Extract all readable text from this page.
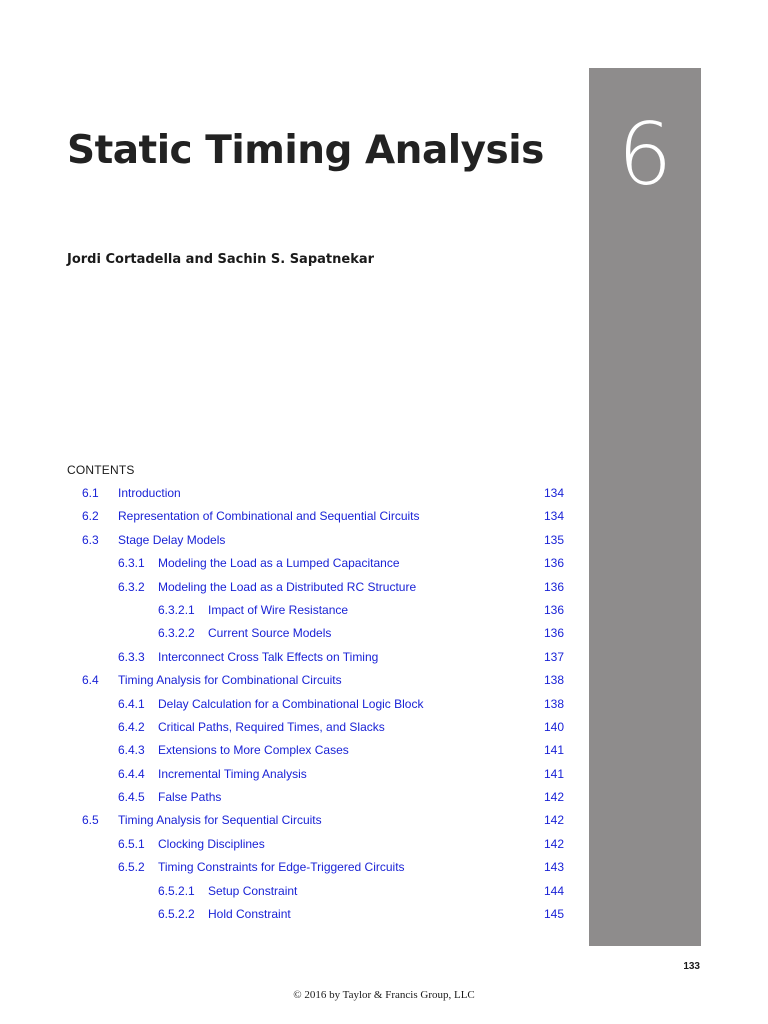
6
Static Timing Analysis
Jordi Cortadella and Sachin S. Sapatnekar
CONTENTS
6.1 Introduction	134
6.2 Representation of Combinational and Sequential Circuits	134
6.3 Stage Delay Models	135
6.3.1 Modeling the Load as a Lumped Capacitance	136
6.3.2 Modeling the Load as a Distributed RC Structure	136
6.3.2.1 Impact of Wire Resistance	136
6.3.2.2 Current Source Models	136
6.3.3 Interconnect Cross Talk Effects on Timing	137
6.4 Timing Analysis for Combinational Circuits	138
6.4.1 Delay Calculation for a Combinational Logic Block	138
6.4.2 Critical Paths, Required Times, and Slacks	140
6.4.3 Extensions to More Complex Cases	141
6.4.4 Incremental Timing Analysis	141
6.4.5 False Paths	142
6.5 Timing Analysis for Sequential Circuits	142
6.5.1 Clocking Disciplines	142
6.5.2 Timing Constraints for Edge-Triggered Circuits	143
6.5.2.1 Setup Constraint	144
6.5.2.2 Hold Constraint	145
133
© 2016 by Taylor & Francis Group, LLC
